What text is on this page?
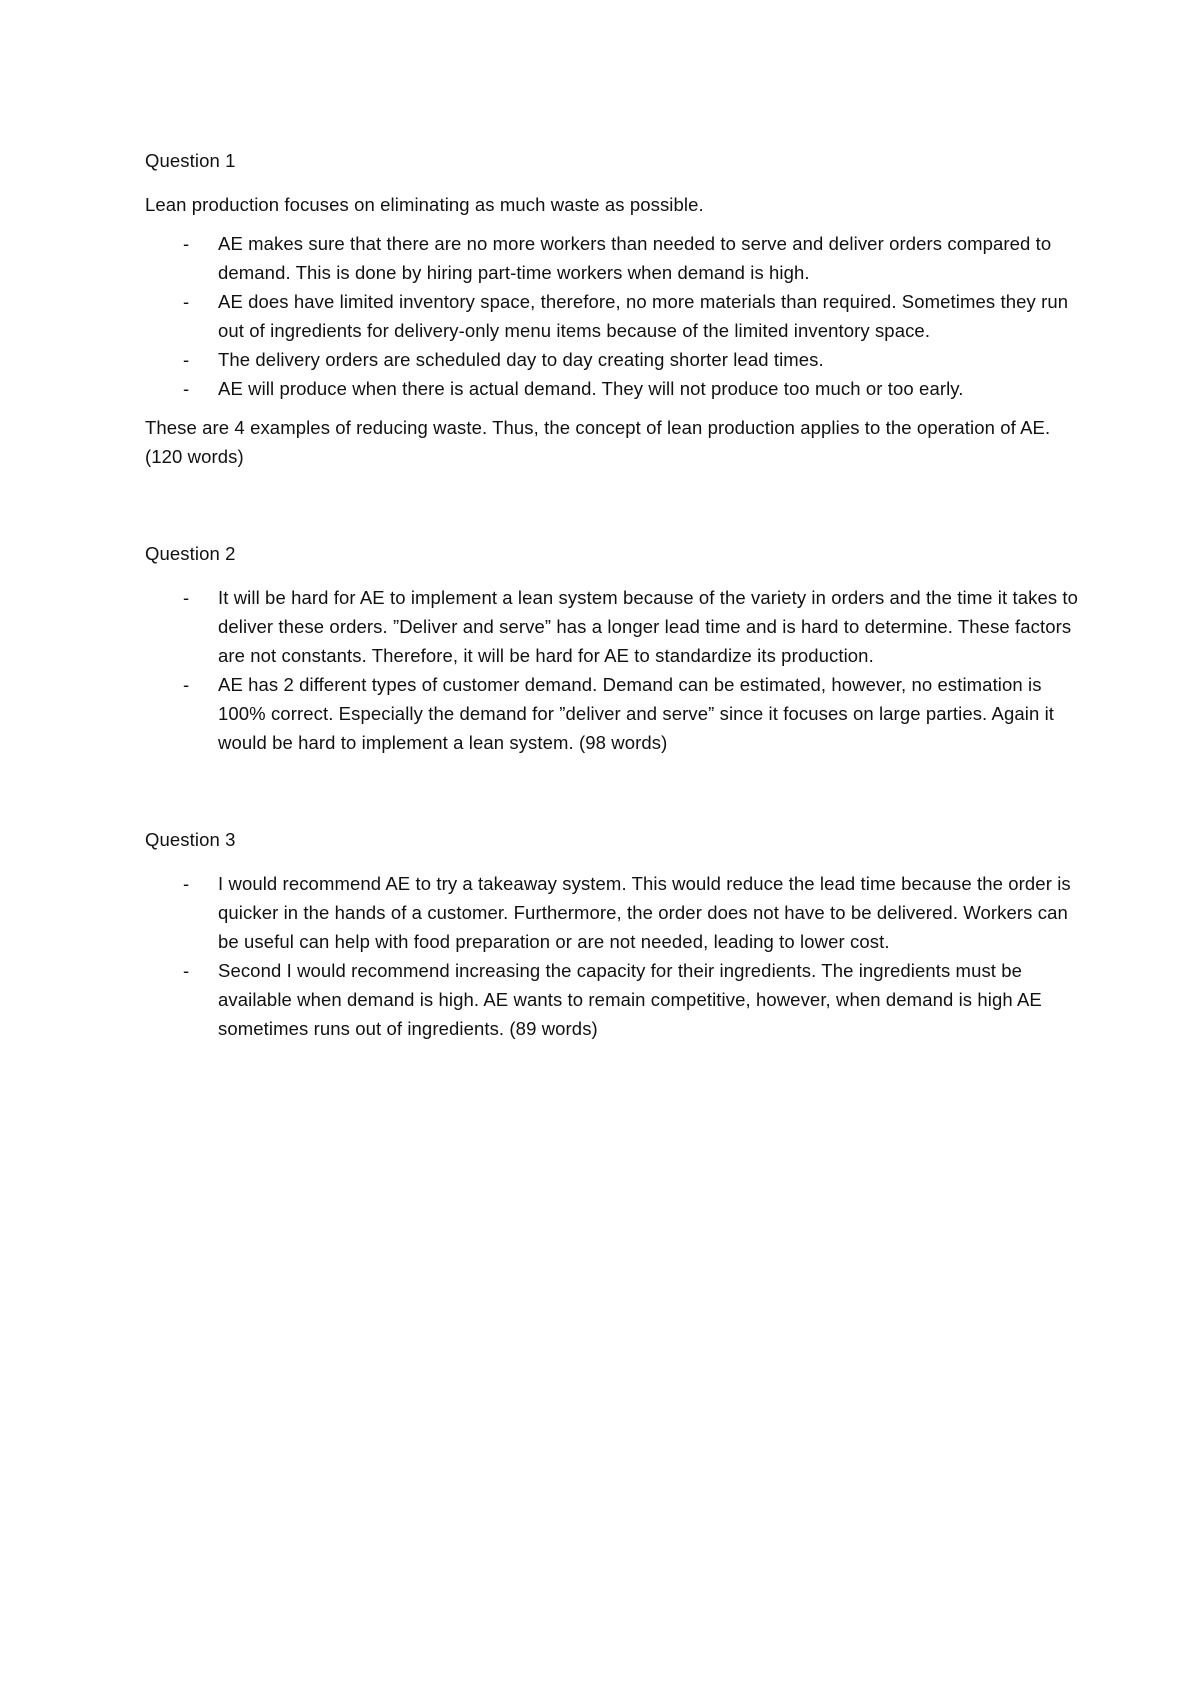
Question 1

Lean production focuses on eliminating as much waste as possible.

- AE makes sure that there are no more workers than needed to serve and deliver orders compared to demand. This is done by hiring part-time workers when demand is high.
- AE does have limited inventory space, therefore, no more materials than required. Sometimes they run out of ingredients for delivery-only menu items because of the limited inventory space.
- The delivery orders are scheduled day to day creating shorter lead times.
- AE will produce when there is actual demand. They will not produce too much or too early.

These are 4 examples of reducing waste. Thus, the concept of lean production applies to the operation of AE. (120 words)

Question 2

- It will be hard for AE to implement a lean system because of the variety in orders and the time it takes to deliver these orders. ”Deliver and serve” has a longer lead time and is hard to determine. These factors are not constants. Therefore, it will be hard for AE to standardize its production.
- AE has 2 different types of customer demand. Demand can be estimated, however, no estimation is 100% correct. Especially the demand for ”deliver and serve” since it focuses on large parties. Again it would be hard to implement a lean system. (98 words)

Question 3

- I would recommend AE to try a takeaway system. This would reduce the lead time because the order is quicker in the hands of a customer. Furthermore, the order does not have to be delivered. Workers can be useful can help with food preparation or are not needed, leading to lower cost.
- Second I would recommend increasing the capacity for their ingredients. The ingredients must be available when demand is high. AE wants to remain competitive, however, when demand is high AE sometimes runs out of ingredients. (89 words)
